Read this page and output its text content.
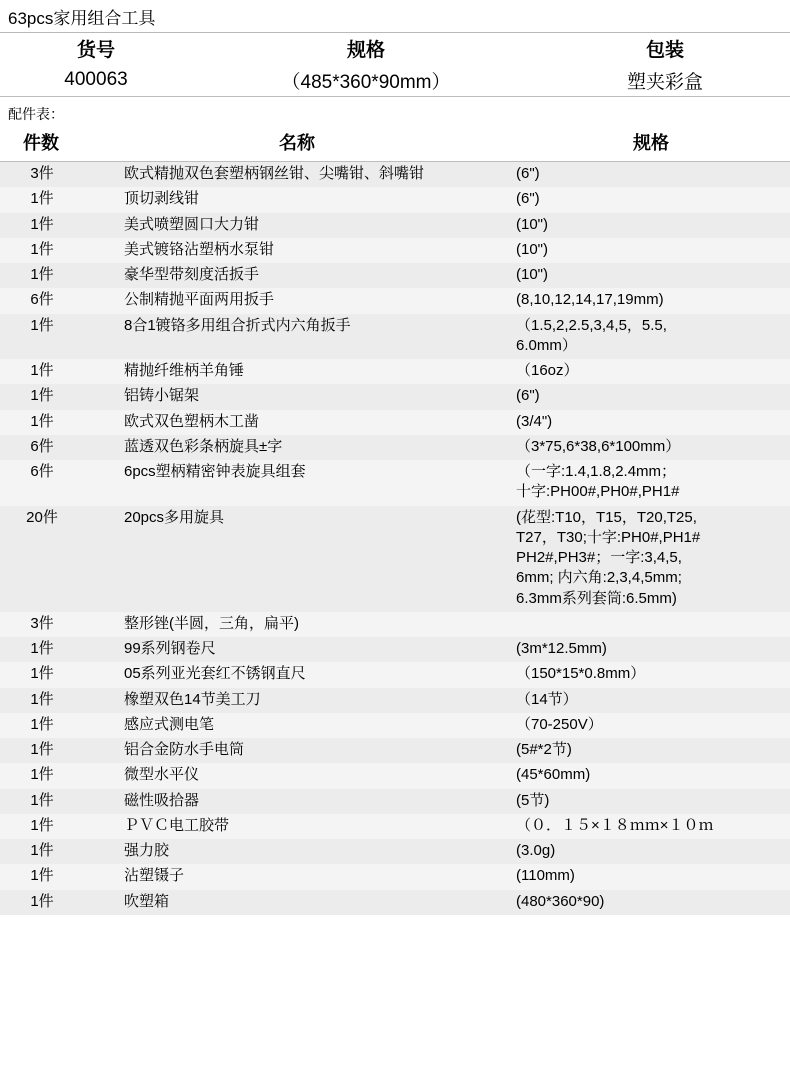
63pcs家用组合工具
货号	规格	包装
400063	（485*360*90mm）	塑夹彩盒
配件表：
件数	名称	规格
3件	欧式精抛双色套塑柄钢丝钳、尖嘴钳、斜嘴钳	(6")

1件	顶切剥线钳	(6")

1件	美式喷塑圆口大力钳	(10")

1件	美式镀铬沾塑柄水泵钳	(10")

1件	豪华型带刻度活扳手	(10")

6件	公制精抛平面两用扳手	(8,10,12,14,17,19mm)

1件	8合1镀铬多用组合折式内六角扳手	（1.5,2,2.5,3,4,5，5.5,
6.0mm）

1件	精抛纤维柄羊角锤	（16oz）

1件	铝铸小锯架	(6")

1件	欧式双色塑柄木工凿	(3/4")

6件	蓝透双色彩条柄旋具±字	（3*75,6*38,6*100mm）

6件	6pcs塑柄精密钟表旋具组套	（一字:1.4,1.8,2.4mm；
十字:PH00#,PH0#,PH1#

20件	20pcs多用旋具	(花型:T10，T15，T20,T25,
T27，T30;十字:PH0#,PH1#
PH2#,PH3#；一字:3,4,5,
6mm; 内六角:2,3,4,5mm;
6.3mm系列套筒:6.5mm)

3件	整形锉(半圆，三角，扁平)	

1件	99系列钢卷尺	(3m*12.5mm)

1件	05系列亚光套红不锈钢直尺	（150*15*0.8mm）

1件	橡塑双色14节美工刀	（14节）

1件	感应式测电笔	（70-250V）

1件	铝合金防水手电筒	(5#*2节)

1件	微型水平仪	(45*60mm)

1件	磁性吸拾器	(5节)

1件	ＰＶＣ电工胶带	（０．１５×１８ｍｍ×１０ｍ

1件	强力胶	(3.0g)

1件	沾塑镊子	(110mm)

1件	吹塑箱	(480*360*90)
